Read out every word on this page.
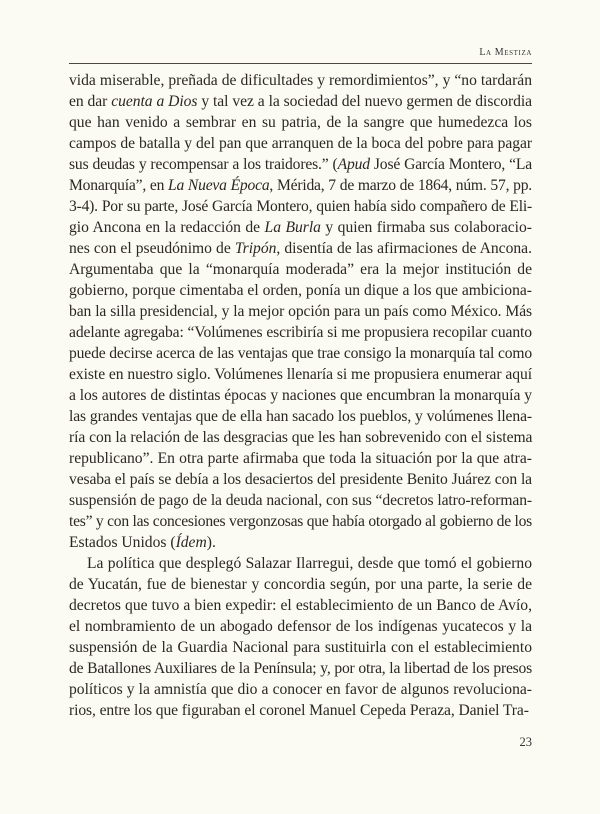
La Mestiza
vida miserable, preñada de dificultades y remordimientos”, y “no tardarán
en dar cuenta a Dios y tal vez a la sociedad del nuevo germen de discordia
que han venido a sembrar en su patria, de la sangre que humedezca los
campos de batalla y del pan que arranquen de la boca del pobre para pagar
sus deudas y recompensar a los traidores.” (Apud José García Montero, “La
Monarquía”, en La Nueva Época, Mérida, 7 de marzo de 1864, núm. 57, pp.
3-4). Por su parte, José García Montero, quien había sido compañero de Eli-
gio Ancona en la redacción de La Burla y quien firmaba sus colaboracio-
nes con el pseudónimo de Tripón, disentía de las afirmaciones de Ancona.
Argumentaba que la “monarquía moderada” era la mejor institución de
gobierno, porque cimentaba el orden, ponía un dique a los que ambiciona-
ban la silla presidencial, y la mejor opción para un país como México. Más
adelante agregaba: “Volúmenes escribiría si me propusiera recopilar cuanto
puede decirse acerca de las ventajas que trae consigo la monarquía tal como
existe en nuestro siglo. Volúmenes llenaría si me propusiera enumerar aquí
a los autores de distintas épocas y naciones que encumbran la monarquía y
las grandes ventajas que de ella han sacado los pueblos, y volúmenes llena-
ría con la relación de las desgracias que les han sobrevenido con el sistema
republicano”. En otra parte afirmaba que toda la situación por la que atra-
vesaba el país se debía a los desaciertos del presidente Benito Juárez con la
suspensión de pago de la deuda nacional, con sus “decretos latro-reforman-
tes” y con las concesiones vergonzosas que había otorgado al gobierno de los
Estados Unidos (Ídem).
La política que desplegó Salazar Ilarregui, desde que tomó el gobierno
de Yucatán, fue de bienestar y concordia según, por una parte, la serie de
decretos que tuvo a bien expedir: el establecimiento de un Banco de Avío,
el nombramiento de un abogado defensor de los indígenas yucatecos y la
suspensión de la Guardia Nacional para sustituirla con el establecimiento
de Batallones Auxiliares de la Península; y, por otra, la libertad de los presos
políticos y la amnistía que dio a conocer en favor de algunos revoluciona-
rios, entre los que figuraban el coronel Manuel Cepeda Peraza, Daniel Tra-
23
